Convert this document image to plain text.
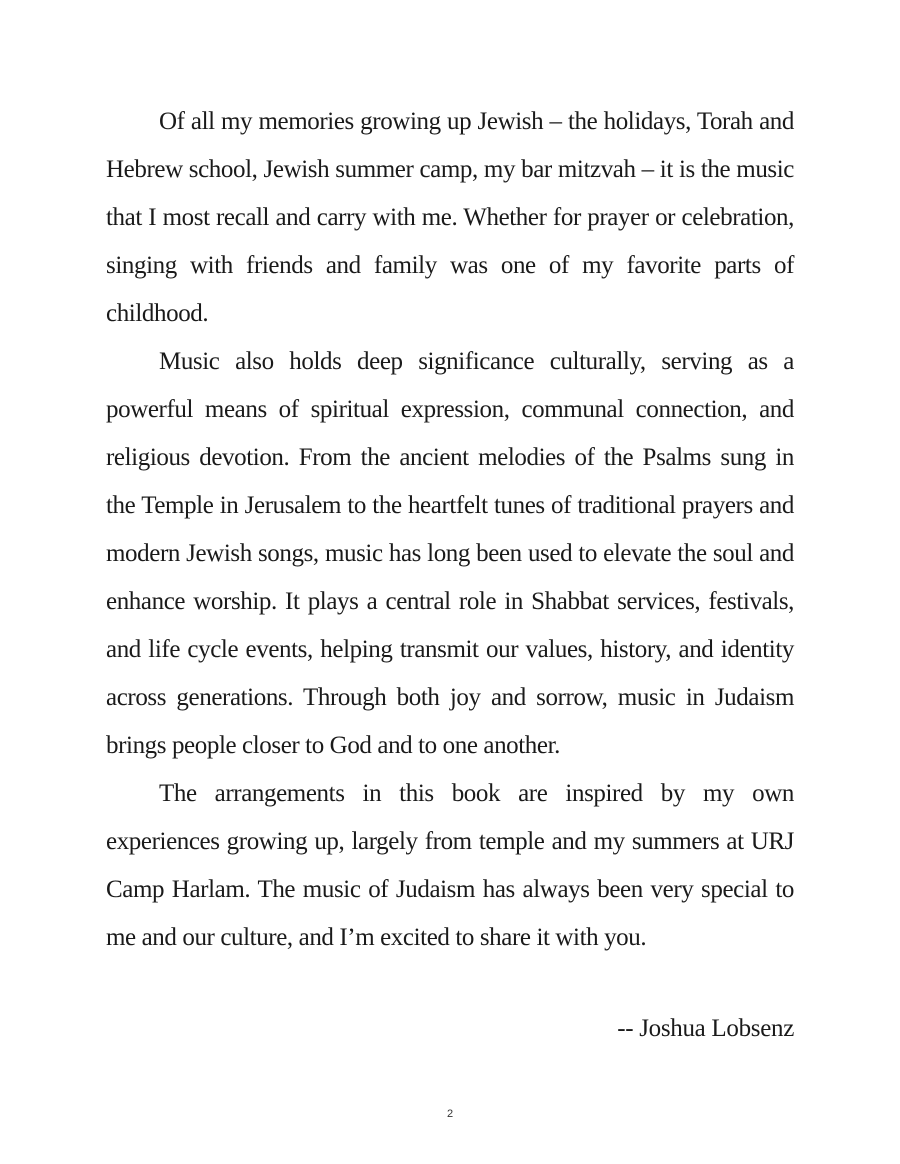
Of all my memories growing up Jewish – the holidays, Torah and Hebrew school, Jewish summer camp, my bar mitzvah – it is the music that I most recall and carry with me. Whether for prayer or celebration, singing with friends and family was one of my favorite parts of childhood.

Music also holds deep significance culturally, serving as a powerful means of spiritual expression, communal connection, and religious devotion. From the ancient melodies of the Psalms sung in the Temple in Jerusalem to the heartfelt tunes of traditional prayers and modern Jewish songs, music has long been used to elevate the soul and enhance worship. It plays a central role in Shabbat services, festivals, and life cycle events, helping transmit our values, history, and identity across generations. Through both joy and sorrow, music in Judaism brings people closer to God and to one another.

The arrangements in this book are inspired by my own experiences growing up, largely from temple and my summers at URJ Camp Harlam. The music of Judaism has always been very special to me and our culture, and I’m excited to share it with you.

-- Joshua Lobsenz
2
